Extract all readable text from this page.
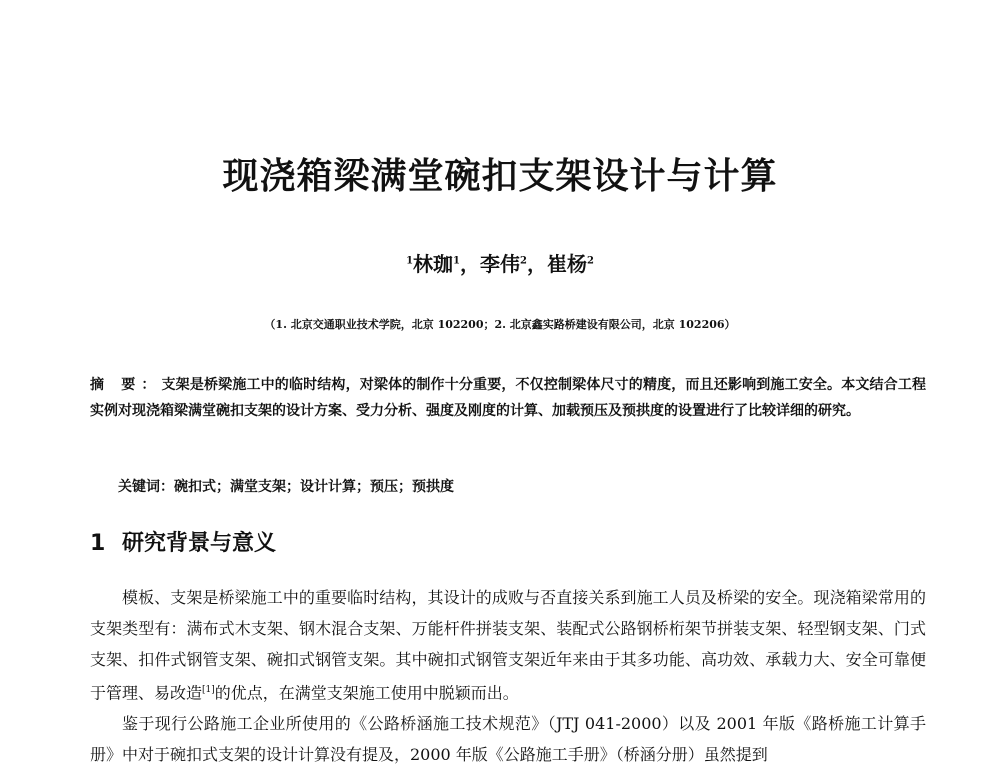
现浇箱梁满堂碗扣支架设计与计算
$^1$林珈$^1$，李伟$^2$，崔杨$^2$
（1. 北京交通职业技术学院，北京 102200；2. 北京鑫实路桥建设有限公司，北京 102206）

摘 要：支架是桥梁施工中的临时结构，对梁体的制作十分重要，不仅控制梁体尺寸的精度，而且还影响到施工安全。本文结合工程实例对现浇箱梁满堂碗扣支架的设计方案、受力分析、强度及刚度的计算、加载预压及预拱度的设置进行了比较详细的研究。

关键词：碗扣式；满堂支架；设计计算；预压；预拱度

1 研究背景与意义

模板、支架是桥梁施工中的重要临时结构，其设计的成败与否直接关系到施工人员及桥梁的安全。现浇箱梁常用的支架类型有：满布式木支架、钢木混合支架、万能杆件拼装支架、装配式公路钢桥桁架节拼装支架、轻型钢支架、门式支架、扣件式钢管支架、碗扣式钢管支架。其中碗扣式钢管支架近年来由于其多功能、高功效、承载力大、安全可靠便于管理、易改造[1]的优点，在满堂支架施工使用中脱颖而出。

鉴于现行公路施工企业所使用的《公路桥涵施工技术规范》（JTJ 041-2000）以及 2001 年版《路桥施工计算手册》中对于碗扣式支架的设计计算没有提及，2000 年版《公路施工手册》（桥涵分册）虽然提到
